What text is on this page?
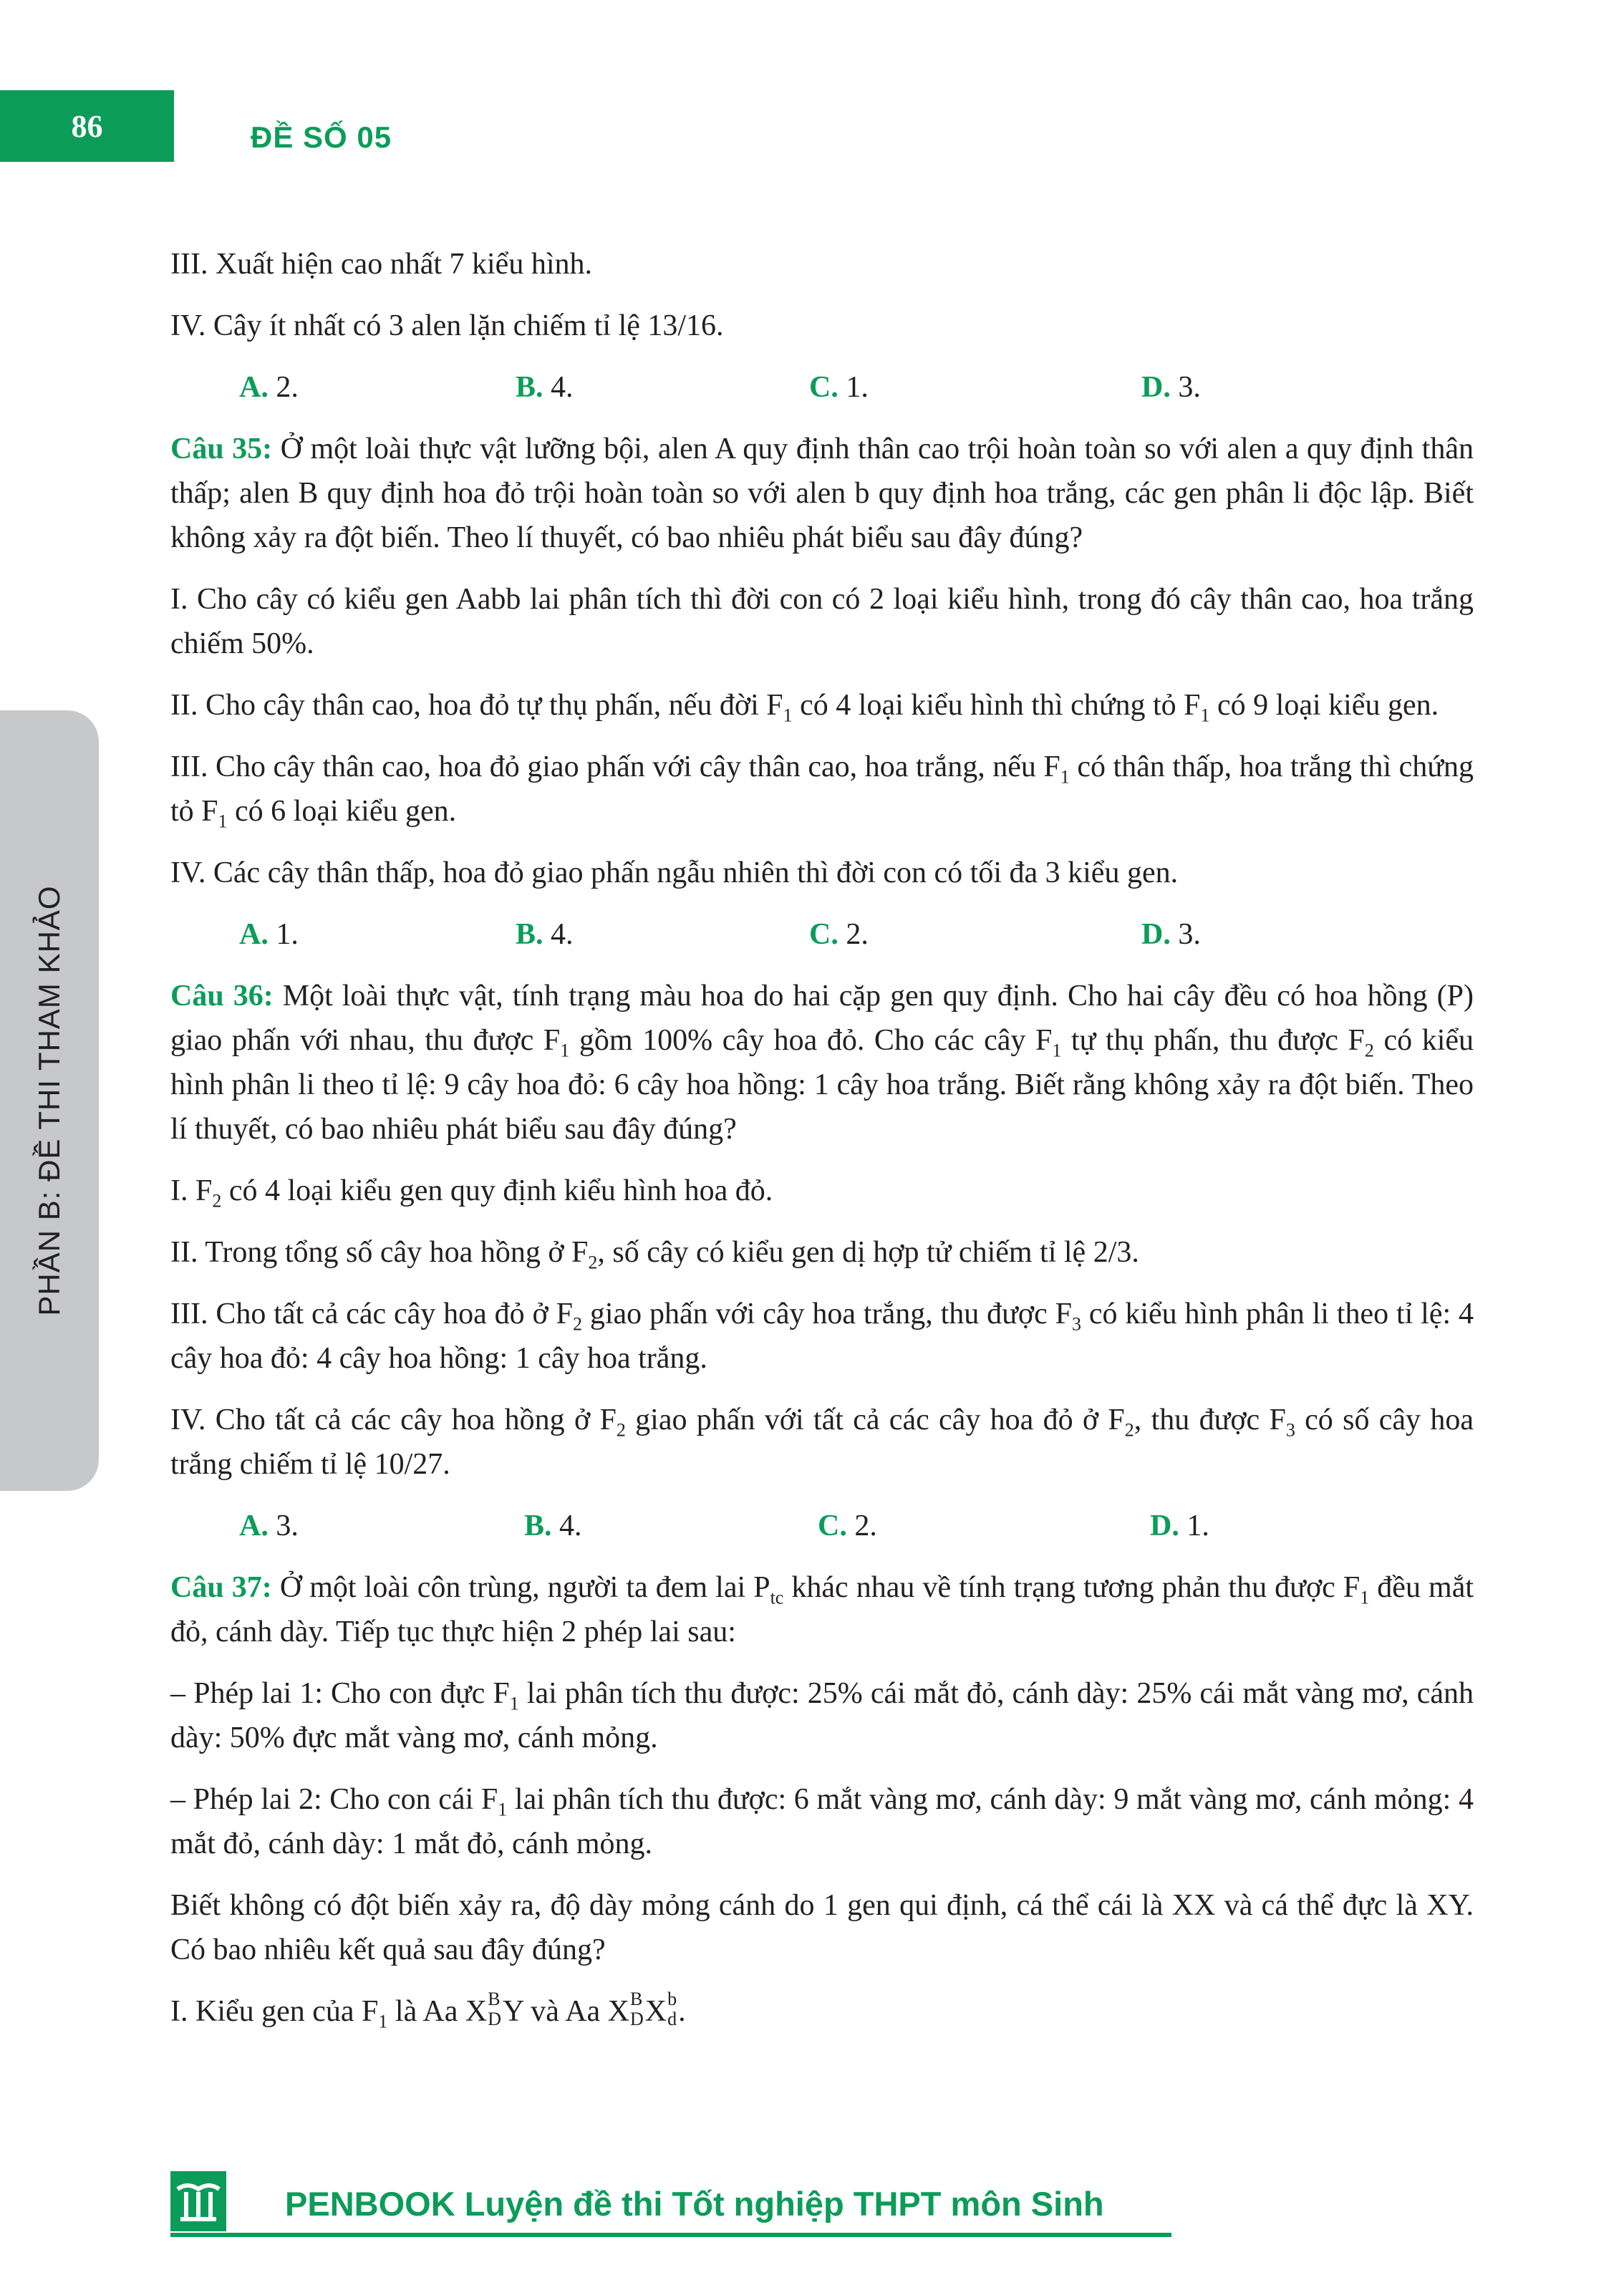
86	ĐỀ SỐ 05
PHẦN B: ĐỀ THI THAM KHẢO

III. Xuất hiện cao nhất 7 kiểu hình.

IV. Cây ít nhất có 3 alen lặn chiếm tỉ lệ 13/16.

A. 2.	B. 4.	C. 1.	D. 3.

Câu 35: Ở một loài thực vật lưỡng bội, alen A quy định thân cao trội hoàn toàn so với alen a quy định thân thấp; alen B quy định hoa đỏ trội hoàn toàn so với alen b quy định hoa trắng, các gen phân li độc lập. Biết không xảy ra đột biến. Theo lí thuyết, có bao nhiêu phát biểu sau đây đúng?

I. Cho cây có kiểu gen Aabb lai phân tích thì đời con có 2 loại kiểu hình, trong đó cây thân cao, hoa trắng chiếm 50%.

II. Cho cây thân cao, hoa đỏ tự thụ phấn, nếu đời $F_1$ có 4 loại kiểu hình thì chứng tỏ $F_1$ có 9 loại kiểu gen.

III. Cho cây thân cao, hoa đỏ giao phấn với cây thân cao, hoa trắng, nếu $F_1$ có thân thấp, hoa trắng thì chứng tỏ $F_1$ có 6 loại kiểu gen.

IV. Các cây thân thấp, hoa đỏ giao phấn ngẫu nhiên thì đời con có tối đa 3 kiểu gen.

A. 1.	B. 4.	C. 2.	D. 3.

Câu 36: Một loài thực vật, tính trạng màu hoa do hai cặp gen quy định. Cho hai cây đều có hoa hồng (P) giao phấn với nhau, thu được $F_1$ gồm 100% cây hoa đỏ. Cho các cây $F_1$ tự thụ phấn, thu được $F_2$ có kiểu hình phân li theo tỉ lệ: 9 cây hoa đỏ: 6 cây hoa hồng: 1 cây hoa trắng. Biết rằng không xảy ra đột biến. Theo lí thuyết, có bao nhiêu phát biểu sau đây đúng?

I. $F_2$ có 4 loại kiểu gen quy định kiểu hình hoa đỏ.

II. Trong tổng số cây hoa hồng ở $F_2$, số cây có kiểu gen dị hợp tử chiếm tỉ lệ 2/3.

III. Cho tất cả các cây hoa đỏ ở $F_2$ giao phấn với cây hoa trắng, thu được $F_3$ có kiểu hình phân li theo tỉ lệ: 4 cây hoa đỏ: 4 cây hoa hồng: 1 cây hoa trắng.

IV. Cho tất cả các cây hoa hồng ở $F_2$ giao phấn với tất cả các cây hoa đỏ ở $F_2$, thu được $F_3$ có số cây hoa trắng chiếm tỉ lệ 10/27.

A. 3.	B. 4.	C. 2.	D. 1.

Câu 37: Ở một loài côn trùng, người ta đem lai $P_{tc}$ khác nhau về tính trạng tương phản thu được $F_1$ đều mắt đỏ, cánh dày. Tiếp tục thực hiện 2 phép lai sau:

– Phép lai 1: Cho con đực $F_1$ lai phân tích thu được: 25% cái mắt đỏ, cánh dày: 25% cái mắt vàng mơ, cánh dày: 50% đực mắt vàng mơ, cánh mỏng.

– Phép lai 2: Cho con cái $F_1$ lai phân tích thu được: 6 mắt vàng mơ, cánh dày: 9 mắt vàng mơ, cánh mỏng: 4 mắt đỏ, cánh dày: 1 mắt đỏ, cánh mỏng.

Biết không có đột biến xảy ra, độ dày mỏng cánh do 1 gen qui định, cá thể cái là XX và cá thể đực là XY. Có bao nhiêu kết quả sau đây đúng?

I. Kiểu gen của $F_1$ là Aa X B
D Y và Aa X B
D X b
d .

PENBOOK Luyện đề thi Tốt nghiệp THPT môn Sinh
